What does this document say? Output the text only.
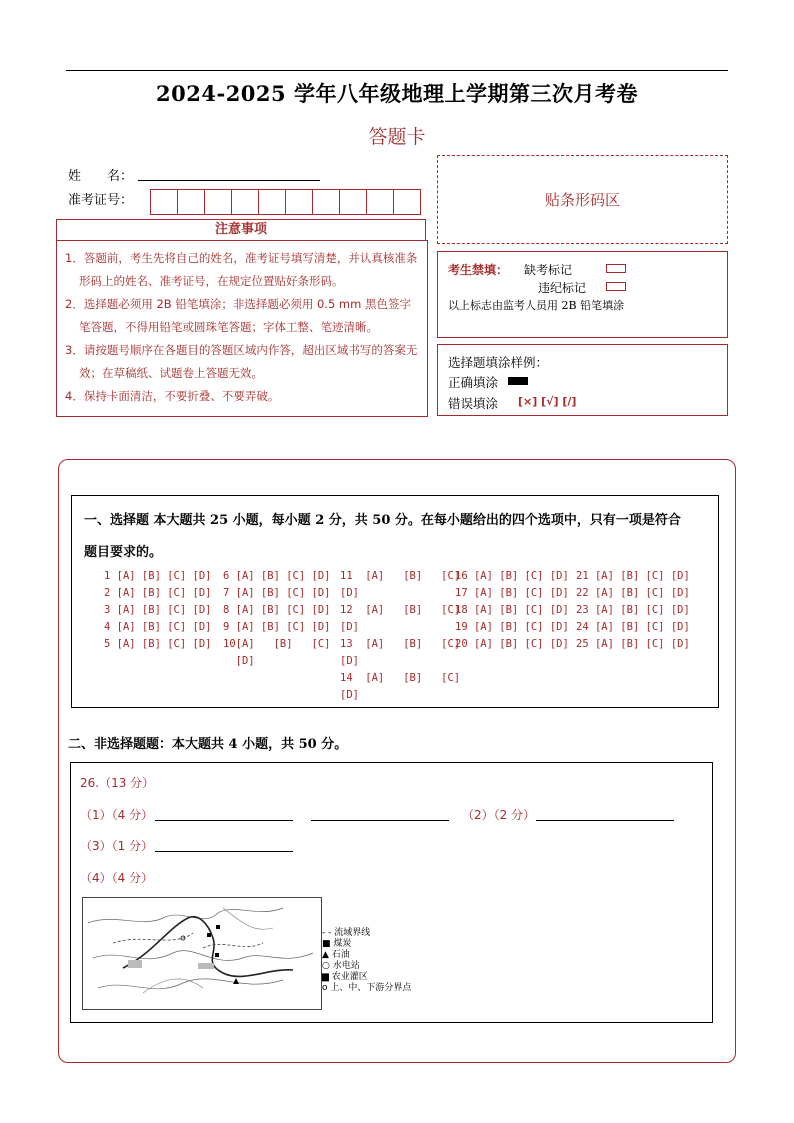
2024-2025 学年八年级地理上学期第三次月考卷
答题卡
姓　　名：
准考证号：	贴条形码区
注意事项
1．答题前，考生先将自己的姓名，准考证号填写清楚，并认真核准条形码上的姓名、准考证号，在规定位置贴好条形码。
2．选择题必须用 2B 铅笔填涂；非选择题必须用 0.5 mm 黑色签字笔答题，不得用铅笔或圆珠笔答题；字体工整、笔迹清晰。
3．请按题号顺序在各题目的答题区域内作答，超出区域书写的答案无效；在草稿纸、试题卷上答题无效。
4．保持卡面清洁，不要折叠、不要弄破。
考生禁填： 缺考标记
违纪标记
以上标志由监考人员用 2B 铅笔填涂
选择题填涂样例：
正确填涂
错误填涂 [×] [√] [/]
一、选择题 本大题共 25 小题，每小题 2 分，共 50 分。在每小题给出的四个选项中，只有一项是符合
题目要求的。
1 [A] [B] [C] [D]
2 [A] [B] [C] [D]
3 [A] [B] [C] [D]
4 [A] [B] [C] [D]
5 [A] [B] [C] [D]
6 [A] [B] [C] [D]
7 [A] [B] [C] [D]
8 [A] [B] [C] [D]
9 [A] [B] [C] [D]
10[A]   [B]   [C]
[D]
11  [A]   [B]   [C]
[D]
12  [A]   [B]   [C]
[D]
13  [A]   [B]   [C]
[D]
14  [A]   [B]   [C]
[D]
16 [A] [B] [C] [D]
17 [A] [B] [C] [D]
18 [A] [B] [C] [D]
19 [A] [B] [C] [D]
20 [A] [B] [C] [D]
21 [A] [B] [C] [D]
22 [A] [B] [C] [D]
23 [A] [B] [C] [D]
24 [A] [B] [C] [D]
25 [A] [B] [C] [D]
二、非选择题题：本大题共 4 小题，共 50 分。
26.（13 分）
（1）（4 分）	（2）（2 分）
（3）（1 分）
（4）（4 分）
- - 流域界线
■ 煤炭
▲ 石油
○ 水电站
▆ 农业灌区
o 上、中、下游分界点
